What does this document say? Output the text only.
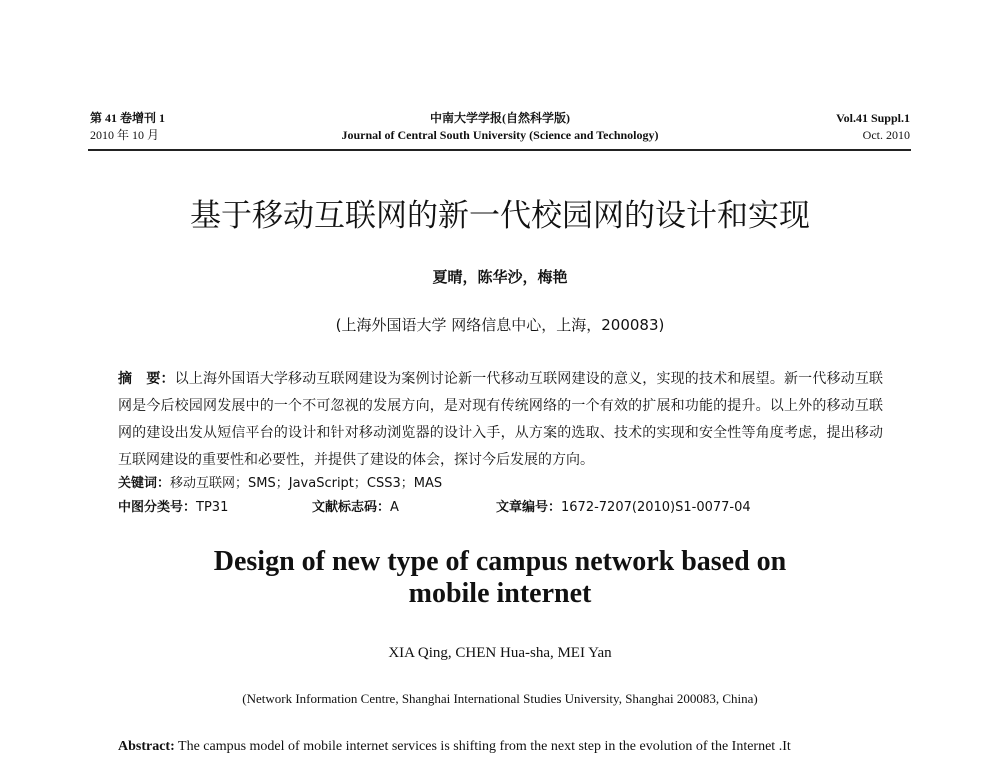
第 41 卷增刊 1
2010 年 10 月
中南大学学报(自然科学版)
Journal of Central South University (Science and Technology)
Vol.41 Suppl.1
Oct. 2010
基于移动互联网的新一代校园网的设计和实现
夏晴，陈华沙，梅艳
(上海外国语大学 网络信息中心，上海，200083)
摘　要：以上海外国语大学移动互联网建设为案例讨论新一代移动互联网建设的意义，实现的技术和展望。新一代移动互联网是今后校园网发展中的一个不可忽视的发展方向，是对现有传统网络的一个有效的扩展和功能的提升。以上外的移动互联网的建设出发从短信平台的设计和针对移动浏览器的设计入手，从方案的选取、技术的实现和安全性等角度考虑，提出移动互联网建设的重要性和必要性，并提供了建设的体会，探讨今后发展的方向。
关键词：移动互联网；SMS；JavaScript；CSS3；MAS
中图分类号：TP31	文献标志码：A	文章编号：1672-7207(2010)S1-0077-04
Design of new type of campus network based on
mobile internet
XIA Qing, CHEN Hua-sha, MEI Yan
(Network Information Centre, Shanghai International Studies University, Shanghai 200083, China)
Abstract: The campus model of mobile internet services is shifting from the next step in the evolution of the Internet .It
